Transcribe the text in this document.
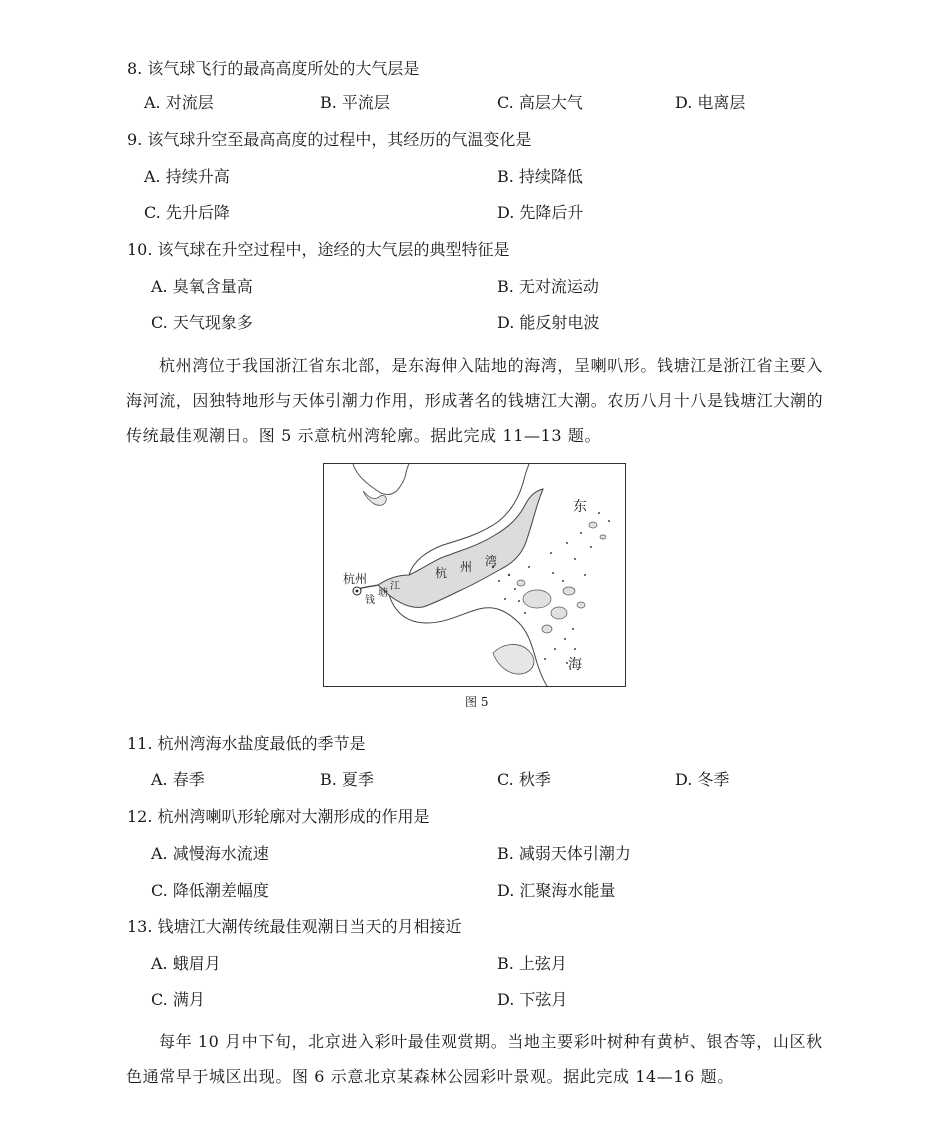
8. 该气球飞行的最高高度所处的大气层是
A. 对流层	B. 平流层	C. 高层大气	D. 电离层
9. 该气球升空至最高高度的过程中，其经历的气温变化是
A. 持续升高	B. 持续降低
C. 先升后降	D. 先降后升
10. 该气球在升空过程中，途经的大气层的典型特征是
A. 臭氧含量高	B. 无对流运动
C. 天气现象多	D. 能反射电波
杭州湾位于我国浙江省东北部，是东海伸入陆地的海湾，呈喇叭形。钱塘江是浙江省主要入海河流，因独特地形与天体引潮力作用，形成著名的钱塘江大潮。农历八月十八是钱塘江大潮的传统最佳观潮日。图 5 示意杭州湾轮廓。据此完成 11—13 题。
杭州
钱
塘
江
杭 州 湾
东
海
图 5
11. 杭州湾海水盐度最低的季节是
A. 春季	B. 夏季	C. 秋季	D. 冬季
12. 杭州湾喇叭形轮廓对大潮形成的作用是
A. 减慢海水流速	B. 减弱天体引潮力
C. 降低潮差幅度	D. 汇聚海水能量
13. 钱塘江大潮传统最佳观潮日当天的月相接近
A. 蛾眉月	B. 上弦月
C. 满月	D. 下弦月
每年 10 月中下旬，北京进入彩叶最佳观赏期。当地主要彩叶树种有黄栌、银杏等，山区秋色通常早于城区出现。图 6 示意北京某森林公园彩叶景观。据此完成 14—16 题。
